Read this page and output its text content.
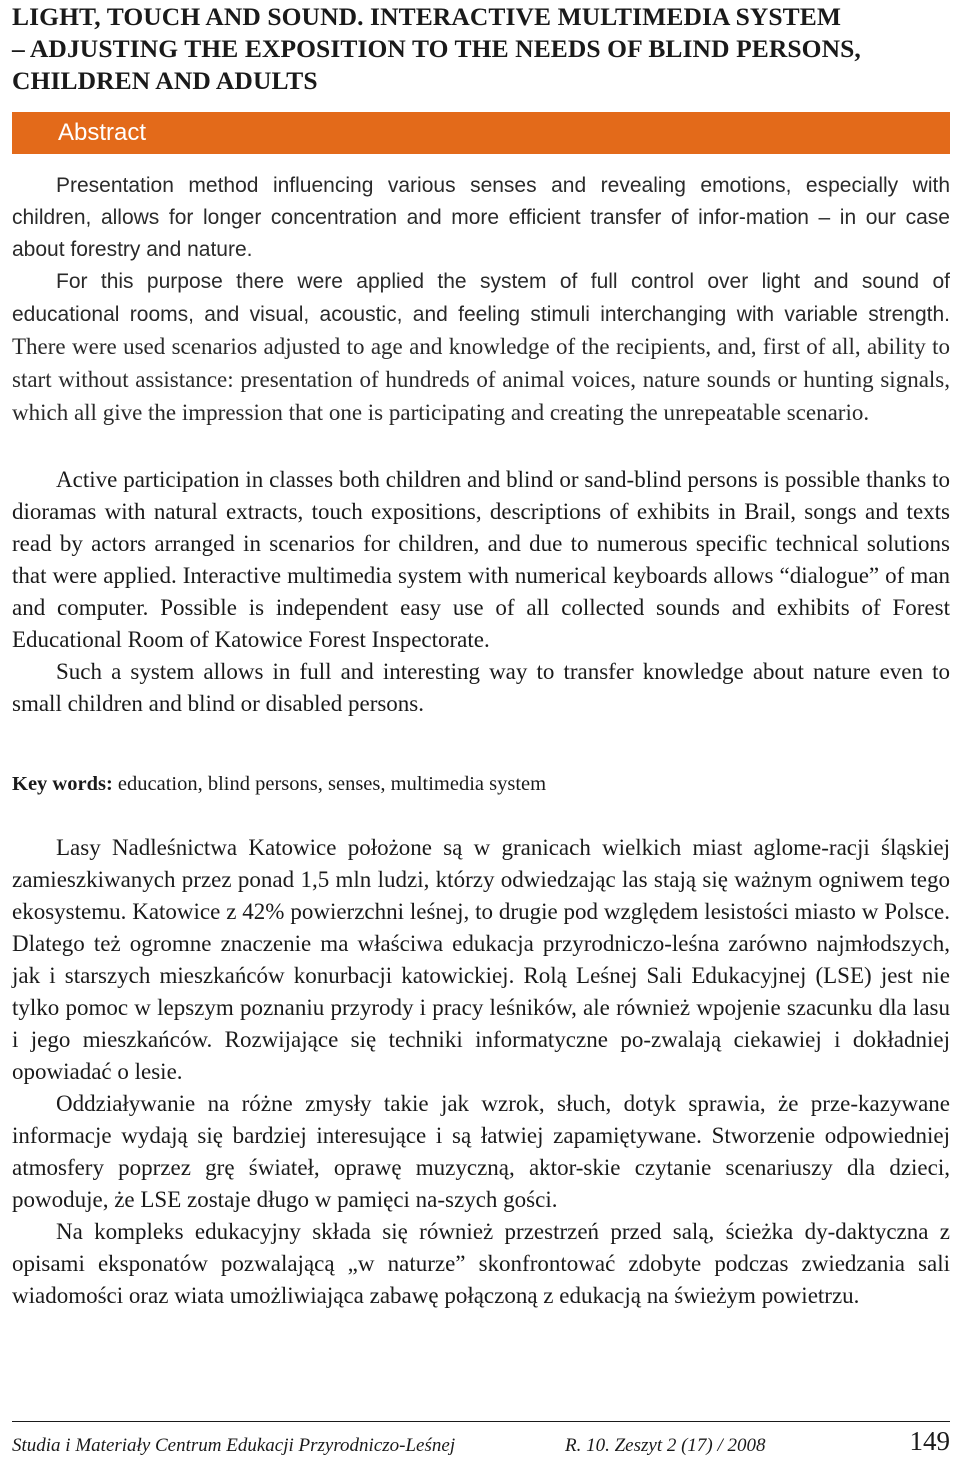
LIGHT, TOUCH AND SOUND. INTERACTIVE MULTIMEDIA SYSTEM
– ADJUSTING THE EXPOSITION TO THE NEEDS OF BLIND PERSONS,
CHILDREN AND ADULTS
Abstract

Presentation method influencing various senses and revealing emotions, especially with children, allows for longer concentration and more efficient transfer of infor-mation – in our case about forestry and nature.

For this purpose there were applied the system of full control over light and sound of educational rooms, and visual, acoustic, and feeling stimuli interchanging with variable strength. There were used scenarios adjusted to age and knowledge of the recipients, and, first of all, ability to start without assistance: presentation of hundreds of animal voices, nature sounds or hunting signals, which all give the impression that one is participating and creating the unrepeatable scenario.

Active participation in classes both children and blind or sand-blind persons is possible thanks to dioramas with natural extracts, touch expositions, descriptions of exhibits in Brail, songs and texts read by actors arranged in scenarios for children, and due to numerous specific technical solutions that were applied. Interactive multimedia system with numerical keyboards allows “dialogue” of man and computer. Possible is independent easy use of all collected sounds and exhibits of Forest Educational Room of Katowice Forest Inspectorate.

Such a system allows in full and interesting way to transfer knowledge about nature even to small children and blind or disabled persons.

Key words: education, blind persons, senses, multimedia system

Lasy Nadleśnictwa Katowice położone są w granicach wielkich miast aglome-racji śląskiej zamieszkiwanych przez ponad 1,5 mln ludzi, którzy odwiedzając las stają się ważnym ogniwem tego ekosystemu. Katowice z 42% powierzchni leśnej, to drugie pod względem lesistości miasto w Polsce. Dlatego też ogromne znaczenie ma właściwa edukacja przyrodniczo-leśna zarówno najmłodszych, jak i starszych mieszkańców konurbacji katowickiej. Rolą Leśnej Sali Edukacyjnej (LSE) jest nie tylko pomoc w lepszym poznaniu przyrody i pracy leśników, ale również wpojenie szacunku dla lasu i jego mieszkańców. Rozwijające się techniki informatyczne po-zwalają ciekawiej i dokładniej opowiadać o lesie.

Oddziaływanie na różne zmysły takie jak wzrok, słuch, dotyk sprawia, że prze-kazywane informacje wydają się bardziej interesujące i są łatwiej zapamiętywane. Stworzenie odpowiedniej atmosfery poprzez grę świateł, oprawę muzyczną, aktor-skie czytanie scenariuszy dla dzieci, powoduje, że LSE zostaje długo w pamięci na-szych gości.

Na kompleks edukacyjny składa się również przestrzeń przed salą, ścieżka dy-daktyczna z opisami eksponatów pozwalającą „w naturze” skonfrontować zdobyte podczas zwiedzania sali wiadomości oraz wiata umożliwiająca zabawę połączoną z edukacją na świeżym powietrzu.

Studia i Materiały Centrum Edukacji Przyrodniczo-Leśnej	R. 10. Zeszyt 2 (17) / 2008	149
